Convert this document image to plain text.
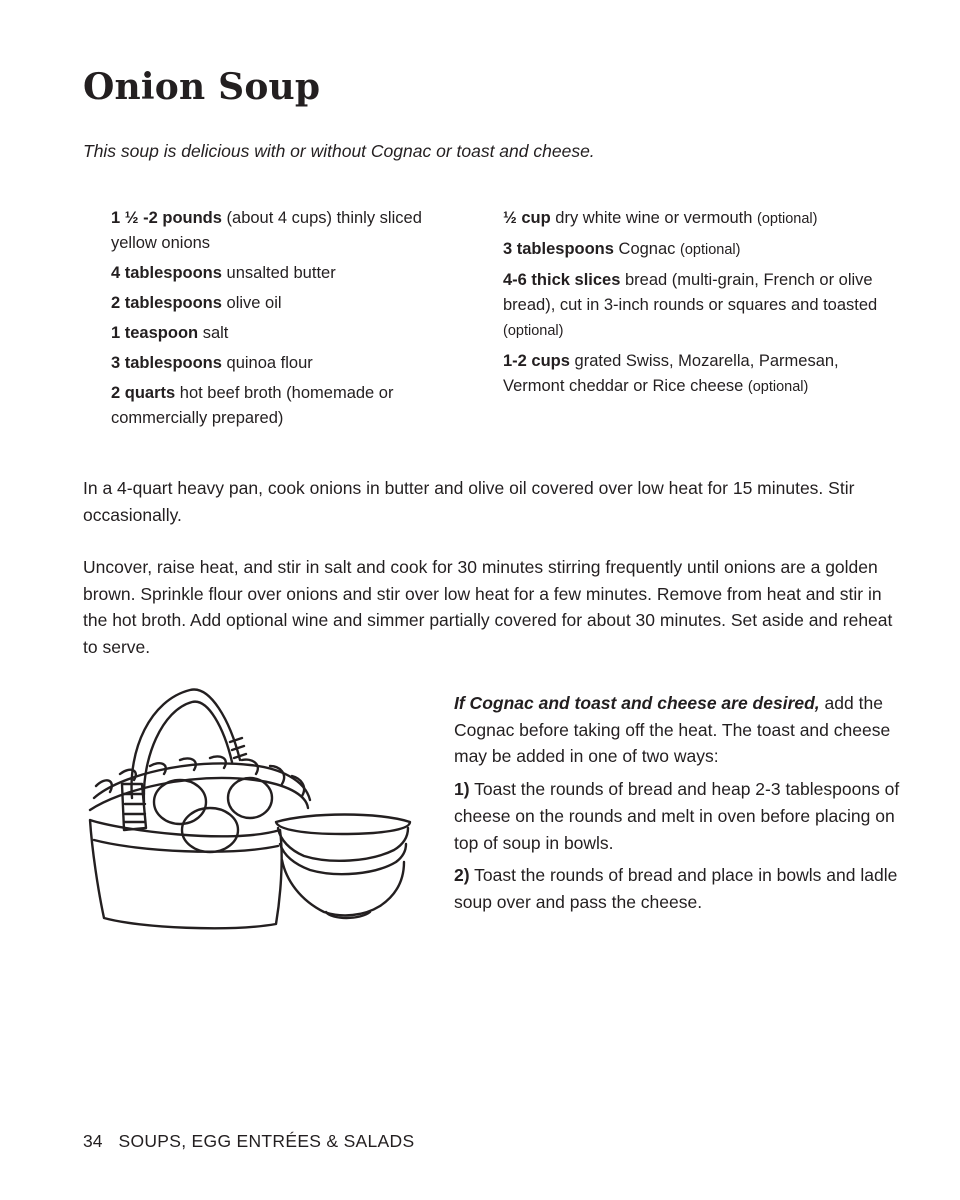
Onion Soup

This soup is delicious with or without Cognac or toast and cheese.

1 ½ -2 pounds (about 4 cups) thinly sliced yellow onions
4 tablespoons unsalted butter
2 tablespoons olive oil
1 teaspoon salt
3 tablespoons quinoa flour
2 quarts hot beef broth (homemade or commercially prepared)
½ cup dry white wine or vermouth (optional)
3 tablespoons Cognac (optional)
4-6 thick slices bread (multi-grain, French or olive bread), cut in 3-inch rounds or squares and toasted (optional)
1-2 cups grated Swiss, Mozarella, Parmesan, Vermont cheddar or Rice cheese (optional)

In a 4-quart heavy pan, cook onions in butter and olive oil covered over low heat for 15 minutes. Stir occasionally.

Uncover, raise heat, and stir in salt and cook for 30 minutes stirring frequently until onions are a golden brown. Sprinkle flour over onions and stir over low heat for a few minutes. Remove from heat and stir in the hot broth. Add optional wine and simmer partially covered for about 30 minutes. Set aside and reheat to serve.

If Cognac and toast and cheese are desired, add the Cognac before taking off the heat. The toast and cheese may be added in one of two ways:

1) Toast the rounds of bread and heap 2-3 tablespoons of cheese on the rounds and melt in oven before placing on top of soup in bowls.

2) Toast the rounds of bread and place in bowls and ladle soup over and pass the cheese.

34 SOUPS, EGG ENTRÉES & SALADS
